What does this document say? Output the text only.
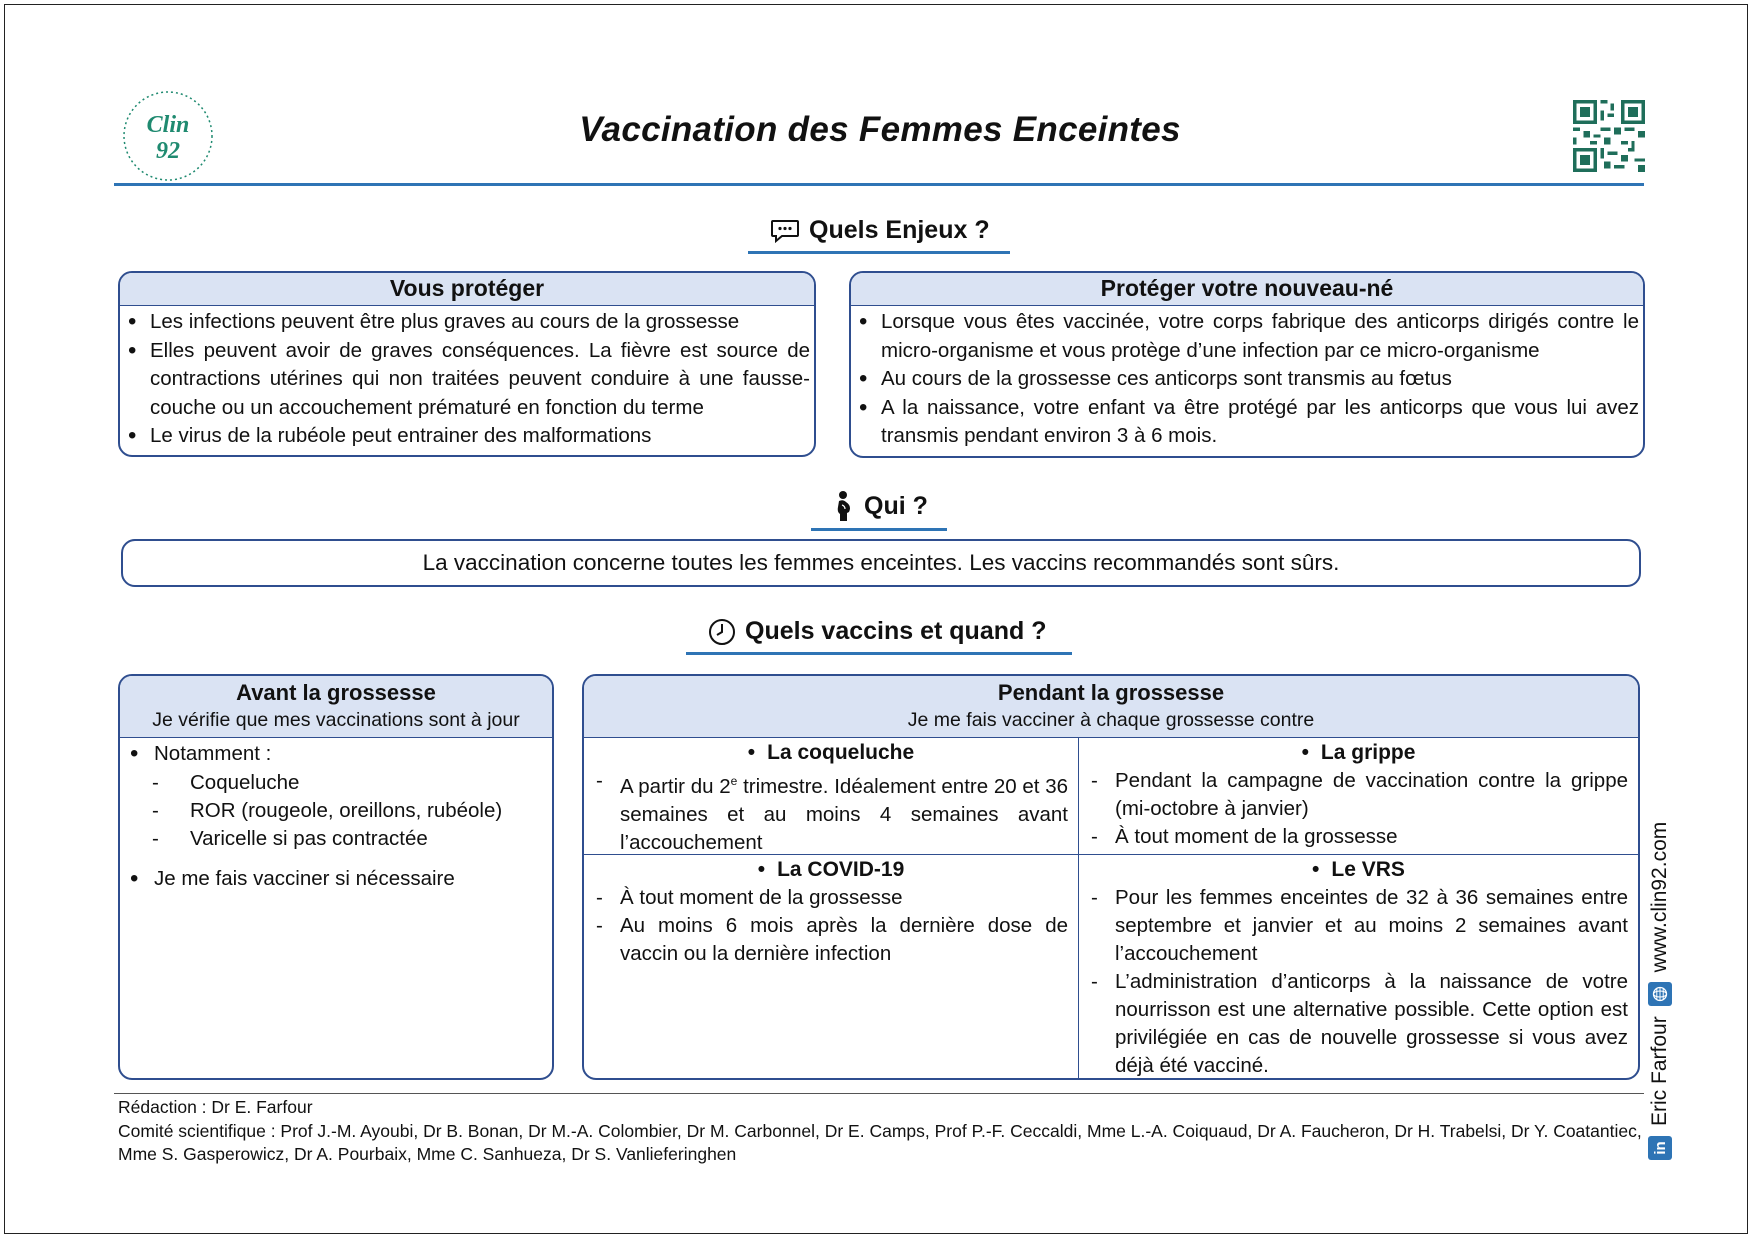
Clin
92
Vaccination des Femmes Enceintes
Quels Enjeux ?
Vous protéger
• Les infections peuvent être plus graves au cours de la grossesse
• Elles peuvent avoir de graves conséquences. La fièvre est source de contractions utérines qui non traitées peuvent conduire à une fausse-couche ou un accouchement prématuré en fonction du terme
• Le virus de la rubéole peut entrainer des malformations
Protéger votre nouveau-né
• Lorsque vous êtes vaccinée, votre corps fabrique des anticorps dirigés contre le micro-organisme et vous protège d’une infection par ce micro-organisme
• Au cours de la grossesse ces anticorps sont transmis au fœtus
• A la naissance, votre enfant va être protégé par les anticorps que vous lui avez transmis pendant environ 3 à 6 mois.
Qui ?
La vaccination concerne toutes les femmes enceintes. Les vaccins recommandés sont sûrs.
Quels vaccins et quand ?
Avant la grossesse
Je vérifie que mes vaccinations sont à jour
• Notamment :
-	Coqueluche
-	ROR (rougeole, oreillons, rubéole)
-	Varicelle si pas contractée
• Je me fais vacciner si nécessaire
Pendant la grossesse
Je me fais vacciner à chaque grossesse contre
• La coqueluche
- A partir du 2e trimestre. Idéalement entre 20 et 36 semaines et au moins 4 semaines avant l’accouchement
• La grippe
- Pendant la campagne de vaccination contre la grippe (mi-octobre à janvier)
- À tout moment de la grossesse
• La COVID-19
- À tout moment de la grossesse
- Au moins 6 mois après la dernière dose de vaccin ou la dernière infection
• Le VRS
- Pour les femmes enceintes de 32 à 36 semaines entre septembre et janvier et au moins 2 semaines avant l’accouchement
- L’administration d’anticorps à la naissance de votre nourrisson est une alternative possible. Cette option est privilégiée en cas de nouvelle grossesse si vous avez déjà été vacciné.
Rédaction : Dr E. Farfour
Comité scientifique : Prof J.-M. Ayoubi, Dr B. Bonan, Dr M.-A. Colombier, Dr M. Carbonnel, Dr E. Camps, Prof P.-F. Ceccaldi, Mme L.-A. Coiquaud, Dr A. Faucheron, Dr H. Trabelsi, Dr Y. Coatantiec, Mme S. Gasperowicz, Dr A. Pourbaix, Mme C. Sanhueza, Dr S. Vanlieferinghen	in
Eric Farfour
www.clin92.com
